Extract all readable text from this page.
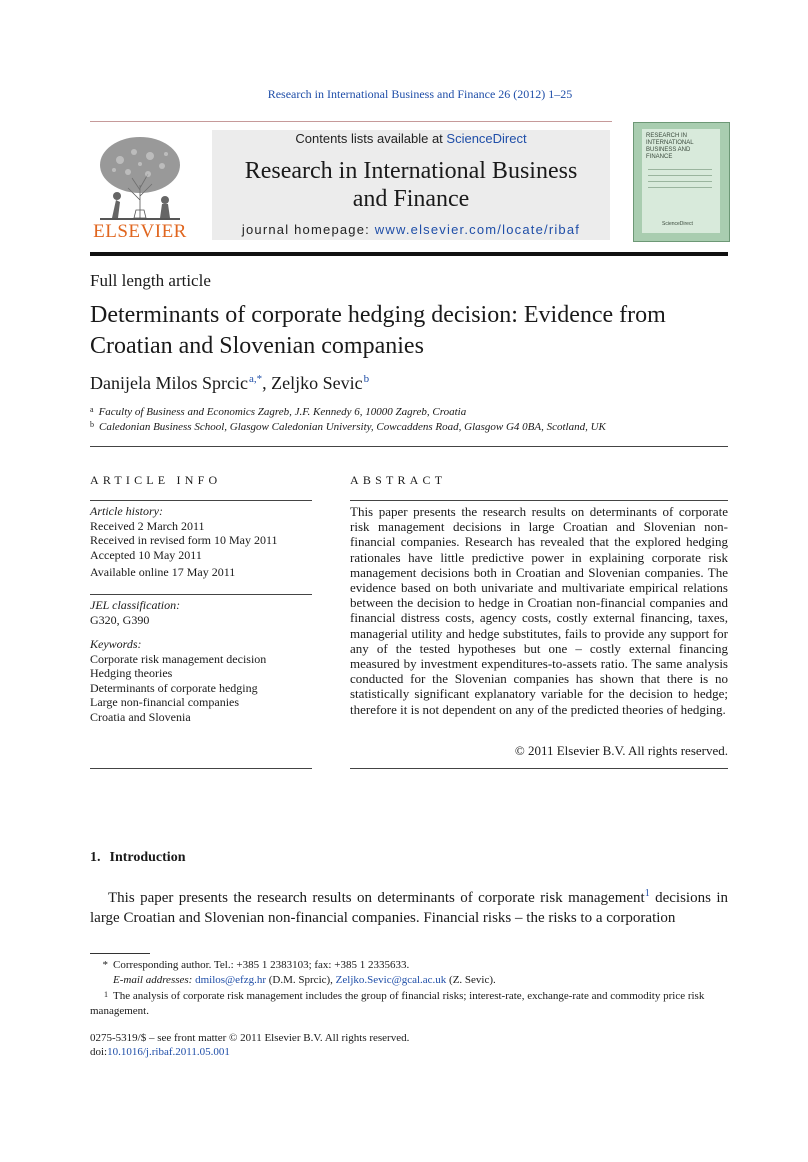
Research in International Business and Finance 26 (2012) 1–25
ELSEVIER
Contents lists available at ScienceDirect
Research in International Business
and Finance
journal homepage: www.elsevier.com/locate/ribaf
RESEARCH IN INTERNATIONAL BUSINESS AND FINANCE
ScienceDirect
Full length article
Determinants of corporate hedging decision: Evidence from Croatian and Slovenian companies
Danijela Milos Sprcic$^{a,*}$, Zeljko Sevic$^b$
$^a$ Faculty of Business and Economics Zagreb, J.F. Kennedy 6, 10000 Zagreb, Croatia
$^b$ Caledonian Business School, Glasgow Caledonian University, Cowcaddens Road, Glasgow G4 0BA, Scotland, UK
ARTICLE INFO	ABSTRACT
Article history:
Received 2 March 2011
Received in revised form 10 May 2011
Accepted 10 May 2011
Available online 17 May 2011
JEL classification:
G320, G390
Keywords:
Corporate risk management decision
Hedging theories
Determinants of corporate hedging
Large non-financial companies
Croatia and Slovenia
This paper presents the research results on determinants of corporate risk management decisions in large Croatian and Slovenian non-financial companies. Research has revealed that the explored hedging rationales have little predictive power in explaining corporate risk management decisions both in Croatian and Slovenian companies. The evidence based on both univariate and multivariate empirical relations between the decision to hedge in Croatian non-financial companies and financial distress costs, agency costs, costly external financing, taxes, managerial utility and hedge substitutes, fails to provide any support for any of the tested hypotheses but one – costly external financing measured by investment expenditures-to-assets ratio. The same analysis conducted for the Slovenian companies has shown that there is no statistically significant explanatory variable for the decision to hedge; therefore it is not dependent on any of the predicted theories of hedging.
© 2011 Elsevier B.V. All rights reserved.
1. Introduction
This paper presents the research results on determinants of corporate risk management$^1$ decisions in large Croatian and Slovenian non-financial companies. Financial risks – the risks to a corporation
* Corresponding author. Tel.: +385 1 2383103; fax: +385 1 2335633.
E-mail addresses: dmilos@efzg.hr (D.M. Sprcic), Zeljko.Sevic@gcal.ac.uk (Z. Sevic).
1 The analysis of corporate risk management includes the group of financial risks; interest-rate, exchange-rate and commodity price risk management.
0275-5319/$ – see front matter © 2011 Elsevier B.V. All rights reserved.
doi:10.1016/j.ribaf.2011.05.001
